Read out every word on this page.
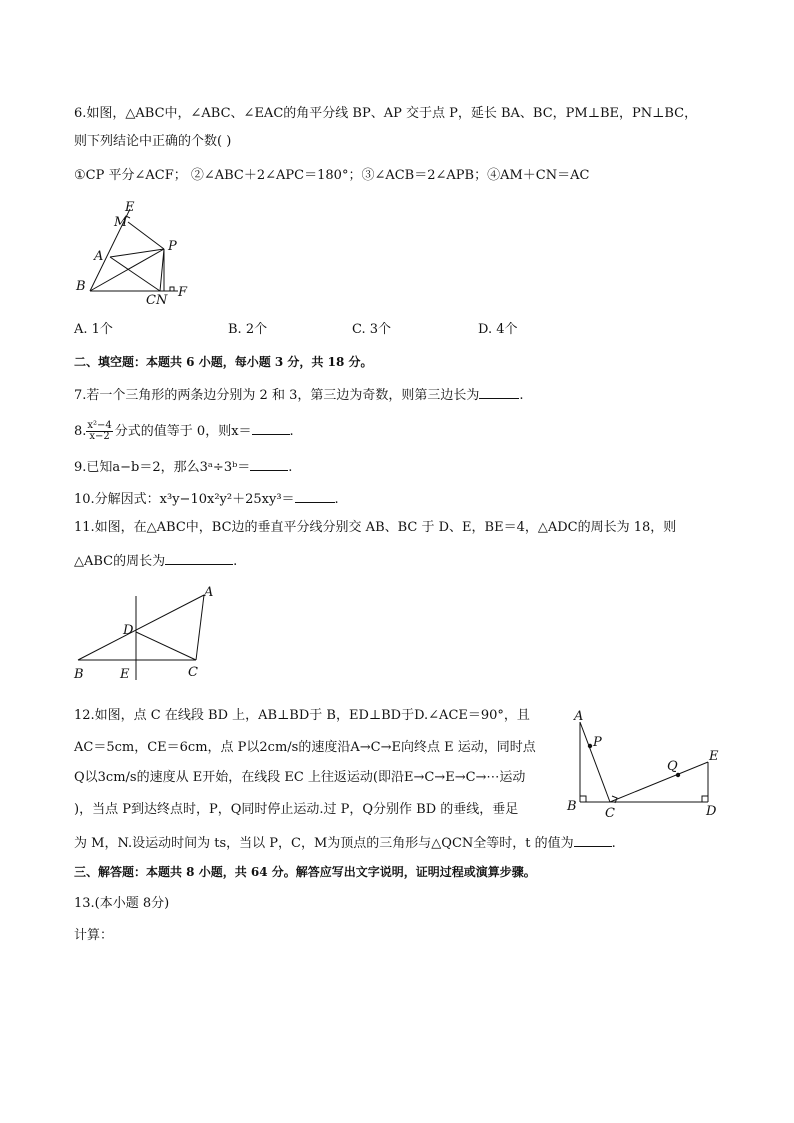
6.如图，△ABC中，∠ABC、∠EAC的角平分线 BP、AP 交于点 P，延长 BA、BC，PM⊥BE，PN⊥BC，
则下列结论中正确的个数( )
①CP 平分∠ACF； ②∠ABC＋2∠APC＝180°；③∠ACB＝2∠APB；④AM＋CN＝AC
E
M
A
P
B
CN
F
A. 1个	B. 2个	C. 3个	D. 4个
二、填空题：本题共 6 小题，每小题 3 分，共 18 分。
7.若一个三角形的两条边分别为 2 和 3，第三边为奇数，则第三边长为	.
8. $\frac{\text{x²−4}}{x-2}$ 分式的值等于 0，则x＝	.
9.已知a−b＝2，那么3ᵃ÷3ᵇ＝	.
10.分解因式：x³y−10x²y²＋25xy³＝	.
11.如图，在△ABC中，BC边的垂直平分线分别交 AB、BC 于 D、E，BE＝4，△ADC的周长为 18，则
△ABC的周长为	.
A
D
B	E	C
12.如图，点 C 在线段 BD 上，AB⊥BD于 B，ED⊥BD于D.∠ACE＝90°，且
AC＝5cm，CE＝6cm，点 P以2cm/s的速度沿A→C→E向终点 E 运动，同时点
Q以3cm/s的速度从 E开始，在线段 EC 上往返运动(即沿E→C→E→C→⋯运动
)，当点 P到达终点时，P，Q同时停止运动.过 P，Q分别作 BD 的垂线，垂足
为 M，N.设运动时间为 ts，当以 P，C，M为顶点的三角形与△QCN全等时，t 的值为	.
A
P
Q
E
B C	D
三、解答题：本题共 8 小题，共 64 分。解答应写出文字说明，证明过程或演算步骤。
13.(本小题 8分)
计算：
